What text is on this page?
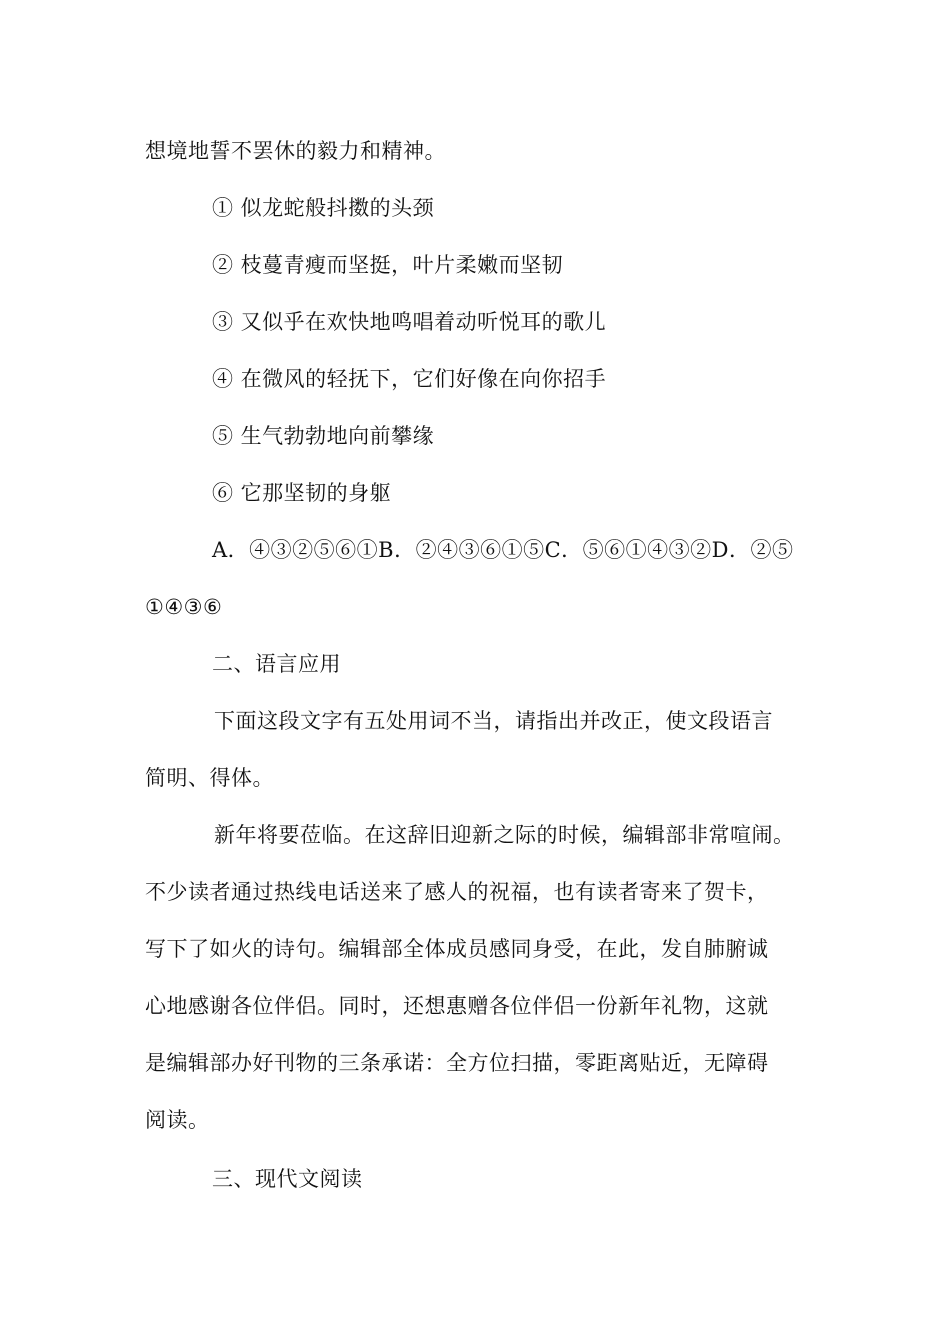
想境地誓不罢休的毅力和精神。
① 似龙蛇般抖擞的头颈
② 枝蔓青瘦而坚挺，叶片柔嫩而坚韧
③ 又似乎在欢快地鸣唱着动听悦耳的歌儿
④ 在微风的轻抚下，它们好像在向你招手
⑤ 生气勃勃地向前攀缘
⑥ 它那坚韧的身躯
A．④③②⑤⑥①B．②④③⑥①⑤C．⑤⑥①④③②D．②⑤
①④③⑥
二、语言应用
下面这段文字有五处用词不当，请指出并改正，使文段语言
简明、得体。
新年将要莅临。在这辞旧迎新之际的时候，编辑部非常喧闹。
不少读者通过热线电话送来了感人的祝福，也有读者寄来了贺卡，
写下了如火的诗句。编辑部全体成员感同身受，在此，发自肺腑诚
心地感谢各位伴侣。同时，还想惠赠各位伴侣一份新年礼物，这就
是编辑部办好刊物的三条承诺：全方位扫描，零距离贴近，无障碍
阅读。
三、现代文阅读
